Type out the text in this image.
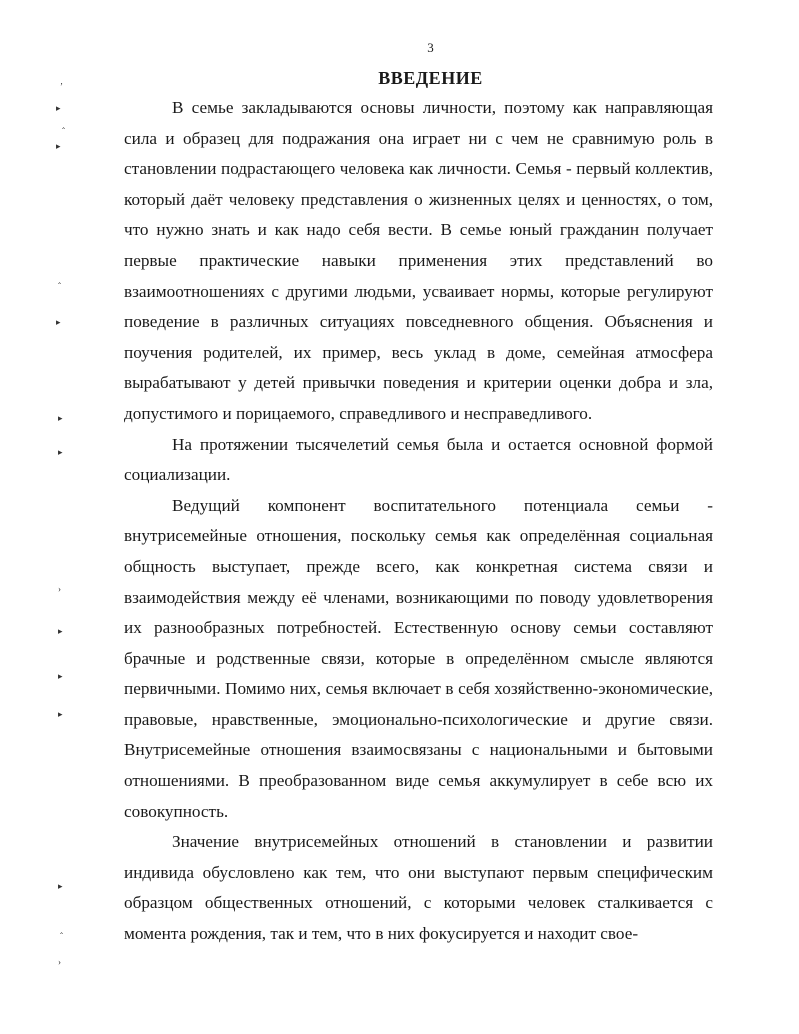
3
ВВЕДЕНИЕ

В семье закладываются основы личности, поэтому как направляющая сила и образец для подражания она играет ни с чем не сравнимую роль в становлении подрастающего человека как личности. Семья - первый коллектив, который даёт человеку представления о жизненных целях и ценностях, о том, что нужно знать и как надо себя вести. В семье юный гражданин получает первые практические навыки применения этих представлений во взаимоотношениях с другими людьми, усваивает нормы, которые регулируют поведение в различных ситуациях повседневного общения. Объяснения и поучения родителей, их пример, весь уклад в доме, семейная атмосфера вырабатывают у детей привычки поведения и критерии оценки добра и зла, допустимого и порицаемого, справедливого и несправедливого.

На протяжении тысячелетий семья была и остается основной формой социализации.

Ведущий компонент воспитательного потенциала семьи - внутрисемейные отношения, поскольку семья как определённая социальная общность выступает, прежде всего, как конкретная система связи и взаимодействия между её членами, возникающими по поводу удовлетворения их разнообразных потребностей. Естественную основу семьи составляют брачные и родственные связи, которые в определённом смысле являются первичными. Помимо них, семья включает в себя хозяйственно-экономические, правовые, нравственные, эмоционально-психологические и другие связи. Внутрисемейные отношения взаимосвязаны с национальными и бытовыми отношениями. В преобразованном виде семья аккумулирует в себе всю их совокупность.

Значение внутрисемейных отношений в становлении и развитии индивида обусловлено как тем, что они выступают первым специфическим образцом общественных отношений, с которыми человек сталкивается с момента рождения, так и тем, что в них фокусируется и находит свое-

‚
▸
‸
▸
‸
▸
▸
▸
›
▸
▸
▸
▸
‸
›
